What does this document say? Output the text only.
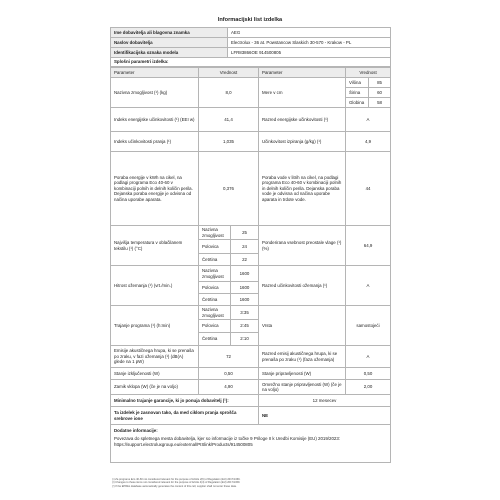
Informacijski list izdelka
Ime dobavitelja ali blagovna znamka	AEG
Naslov dobavitelja	Electrolux - 36 at. Powstancow Slaskich 30-570 - Krakow - PL
Identifikacijska oznaka modela	LFR83866OE 914500805
Splošni parametri izdelka:	
Parameter	Vrednost		Parameter	Vrednost	
Nazivna zmogljivost (¹) (kg)	8,0		Mere v cm	Višina	85
				Širina	60
				Globina	58
Indeks energijske učinkovitosti (¹) (EEI w)	41,4		Razred energijske učinkovitosti (¹)	A	
Indeks učinkovitosti pranja (¹)	1,035		Učinkovitost izpiranja (g/kg) (¹)	4,9	
Poraba energije v kWh na cikel, na podlagi programa Eco 40-60 v kombinaciji polnih in delnih količin perila. Dejanska poraba energije je odvisna od načina uporabe aparata.	0,376		Poraba vode v litrih na cikel, na podlagi programa Eco 40-60 v kombinaciji polnih in delnih količin perila. Dejanska poraba vode je odvisna od načina uporabe aparata in trdote vode.	44	
Najvišja temperatura v oblačilanem tekstilu (¹) (°C)	Nazivna zmogljivost	25	Ponderirana vsebnost preostale vlage (¹) (%)	64,9	
	Polovica	24			
	Četrtina	22			
Hitrost ožemanja (¹) (vrt./min.)	Nazivna zmogljivost	1600	Razred učinkovitosti ožemanja (¹)	A	
	Polovica	1600			
	Četrtina	1600			
Trajanje programa (¹) (h:min)	Nazivna zmogljivost	3:35	Vrsta	samostojeći	
	Polovica	2:45			
	Četrtina	2:10			
Emisije akustičnega hrupa, ki se prenaša po zraku, v fazi ožemanja (¹) (dB(A) glede na 1 pW)	72		Razred emisij akustičnega hrupa, ki se prenaša po zraku (¹) (faza ožemanja)	A	
Stanje izključenosti (W)	0,50		Stanje pripravljenosti (W)	0,50	
Zamik vklopa (W) (če je na voljo)	4,90		Omrežno stanje pripravljenosti (W) (če je na voljo)	2,00	
Minimalno trajanje garancije, ki jo ponuja dobavitelj (¹):			12 mesecev		
Ta izdelek je zasnovan tako, da med ciklom pranja sprošča srebrove ione			NE		

Dodatne informacije:
Povezava do spletnega mesta dobavitelja, kjer so informacije iz točke 9 Priloge II k Uredbi Komisije (EU) 2019/2023: https://support.electroluxgroup.eu/external/PISlink/Products/914500805					
(¹) Za programe Eco 40-60 not considered relevant for the purpose of Article 2(6) of Regulation (EU) 2017/1369.
(²) Changes to these items not considered relevant for the purpose of Article 4(4) of Regulation (EU) 2017/1369.
(³) If the EPREL database automatically generates the content of this cell, supplier shall not enter these data.
